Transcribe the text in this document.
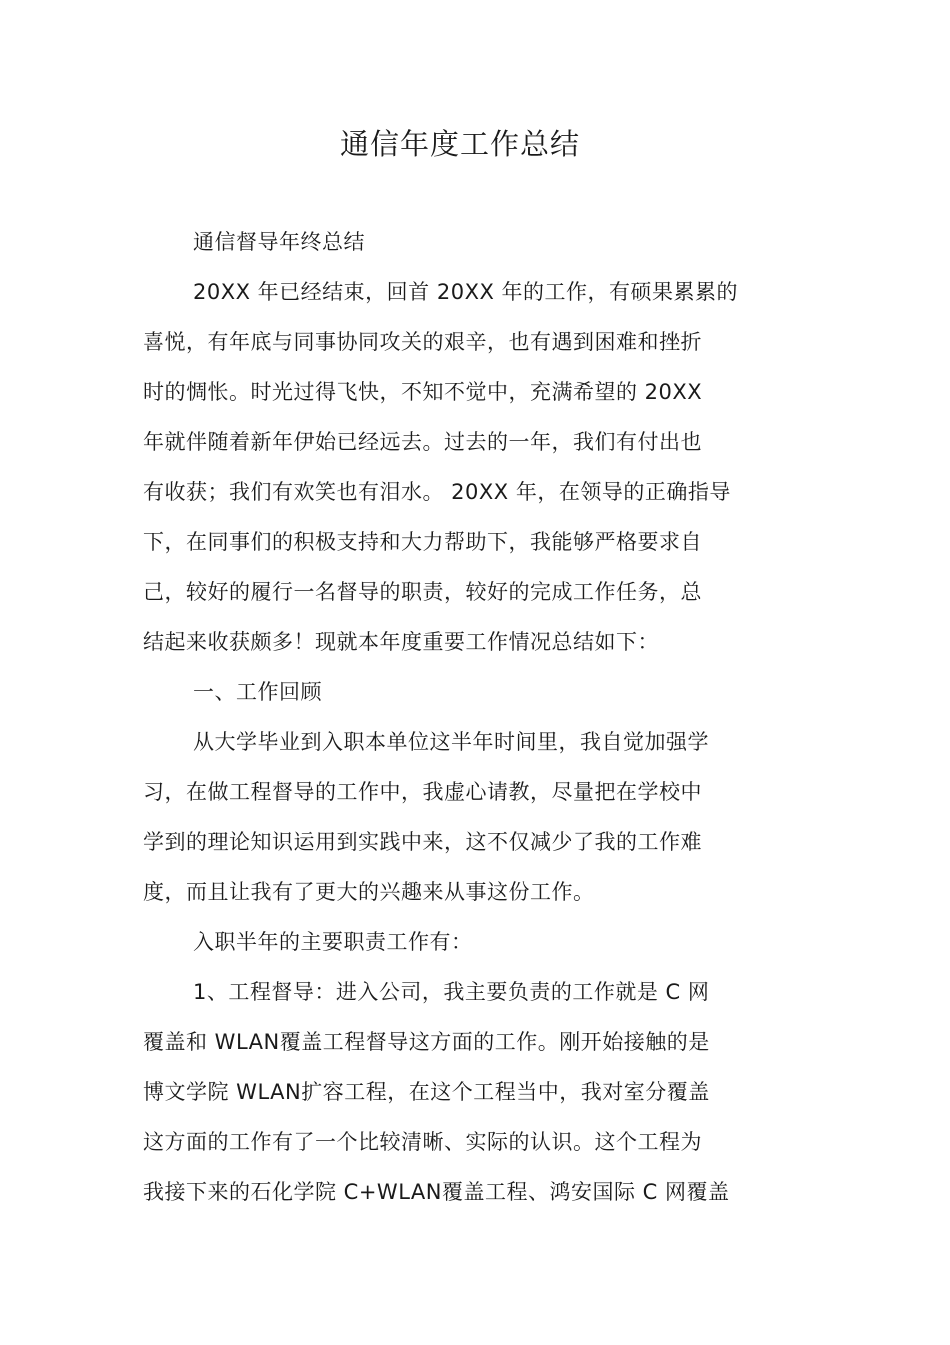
通信年度工作总结
通信督导年终总结
20XX 年已经结束，回首 20XX 年的工作，有硕果累累的
喜悦，有年底与同事协同攻关的艰辛，也有遇到困难和挫折
时的惆怅。时光过得飞快，不知不觉中，充满希望的 20XX
年就伴随着新年伊始已经远去。过去的一年，我们有付出也
有收获；我们有欢笑也有泪水。 20XX 年，在领导的正确指导
下，在同事们的积极支持和大力帮助下，我能够严格要求自
己，较好的履行一名督导的职责，较好的完成工作任务，总
结起来收获颇多！现就本年度重要工作情况总结如下：
一、工作回顾
从大学毕业到入职本单位这半年时间里，我自觉加强学
习，在做工程督导的工作中，我虚心请教，尽量把在学校中
学到的理论知识运用到实践中来，这不仅减少了我的工作难
度，而且让我有了更大的兴趣来从事这份工作。
入职半年的主要职责工作有：
1、工程督导：进入公司，我主要负责的工作就是 C 网
覆盖和 WLAN覆盖工程督导这方面的工作。刚开始接触的是
博文学院 WLAN扩容工程，在这个工程当中，我对室分覆盖
这方面的工作有了一个比较清晰、实际的认识。这个工程为
我接下来的石化学院 C+WLAN覆盖工程、鸿安国际 C 网覆盖
